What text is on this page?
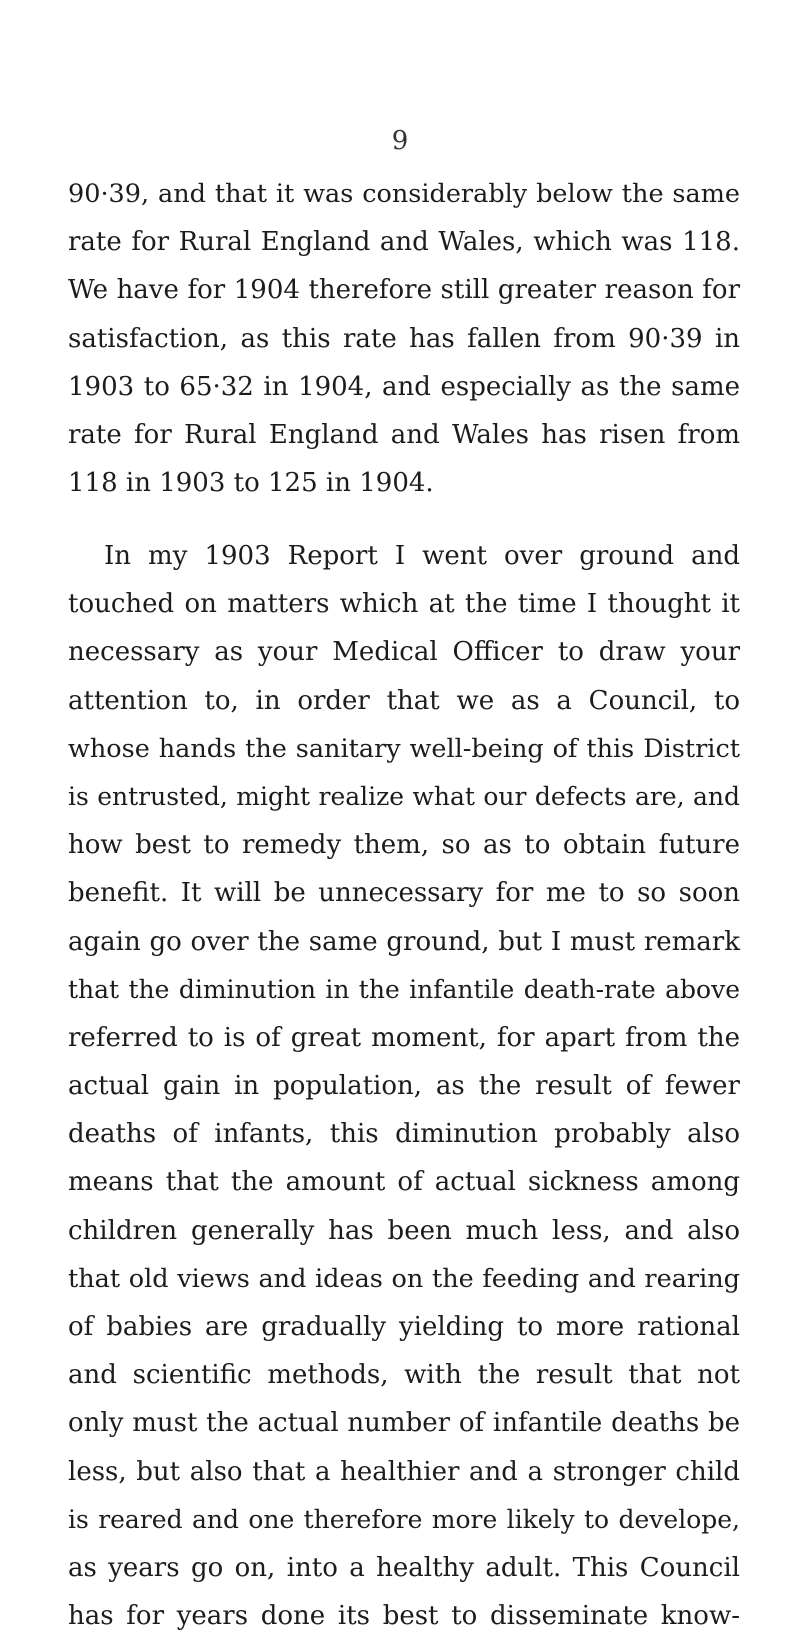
9
90·39, and that it was considerably below the same
rate for Rural England and Wales, which was 118.
We have for 1904 therefore still greater reason for
satisfaction, as this rate has fallen from 90·39 in
1903 to 65·32 in 1904, and especially as the same
rate for Rural England and Wales has risen from
118 in 1903 to 125 in 1904.
In my 1903 Report I went over ground and
touched on matters which at the time I thought it
necessary as your Medical Officer to draw your
attention to, in order that we as a Council, to
whose hands the sanitary well-being of this District
is entrusted, might realize what our defects are, and
how best to remedy them, so as to obtain future
benefit. It will be unnecessary for me to so soon
again go over the same ground, but I must remark
that the diminution in the infantile death-rate above
referred to is of great moment, for apart from the
actual gain in population, as the result of fewer
deaths of infants, this diminution probably also
means that the amount of actual sickness among
children generally has been much less, and also
that old views and ideas on the feeding and rearing
of babies are gradually yielding to more rational
and scientific methods, with the result that not
only must the actual number of infantile deaths be
less, but also that a healthier and a stronger child
is reared and one therefore more likely to develope,
as years go on, into a healthy adult. This Council
has for years done its best to disseminate know-
